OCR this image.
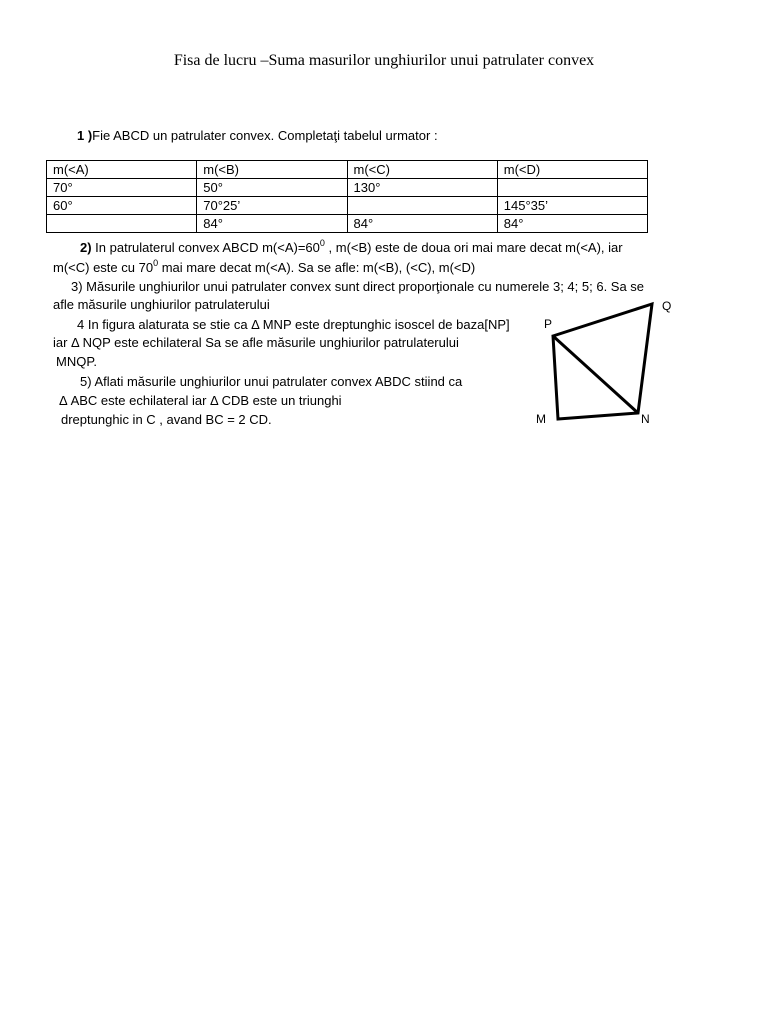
Fisa de lucru –Suma masurilor unghiurilor unui patrulater convex
1 )Fie ABCD un patrulater convex. Completaţi tabelul urmator :
m(<A)	m(<B)	m(<C)	m(<D)
70°	50°	130°	
60°	70°25’		145°35’
	84°	84°	84°
2) In patrulaterul convex ABCD $m(<A)=60^0$ , m(<B) este de doua ori mai mare decat m(<A), iar
m(<C) este cu $70^0$ mai mare decat m(<A). Sa se afle: m(<B), (<C), m(<D)
3) Măsurile unghiurilor unui patrulater convex sunt direct proporţionale cu numerele 3; 4; 5; 6. Sa se
afle măsurile unghiurilor patrulaterului
4 In figura alaturata se stie ca Δ MNP este dreptunghic isoscel de baza[NP]
iar Δ NQP este echilateral Sa se afle măsurile unghiurilor patrulaterului
MNQP.
5) Aflati măsurile unghiurilor unui patrulater convex ABDC stiind ca
Δ ABC este echilateral iar Δ CDB este un triunghi
dreptunghic in C , avand BC = 2 CD.
P
Q
M	N
